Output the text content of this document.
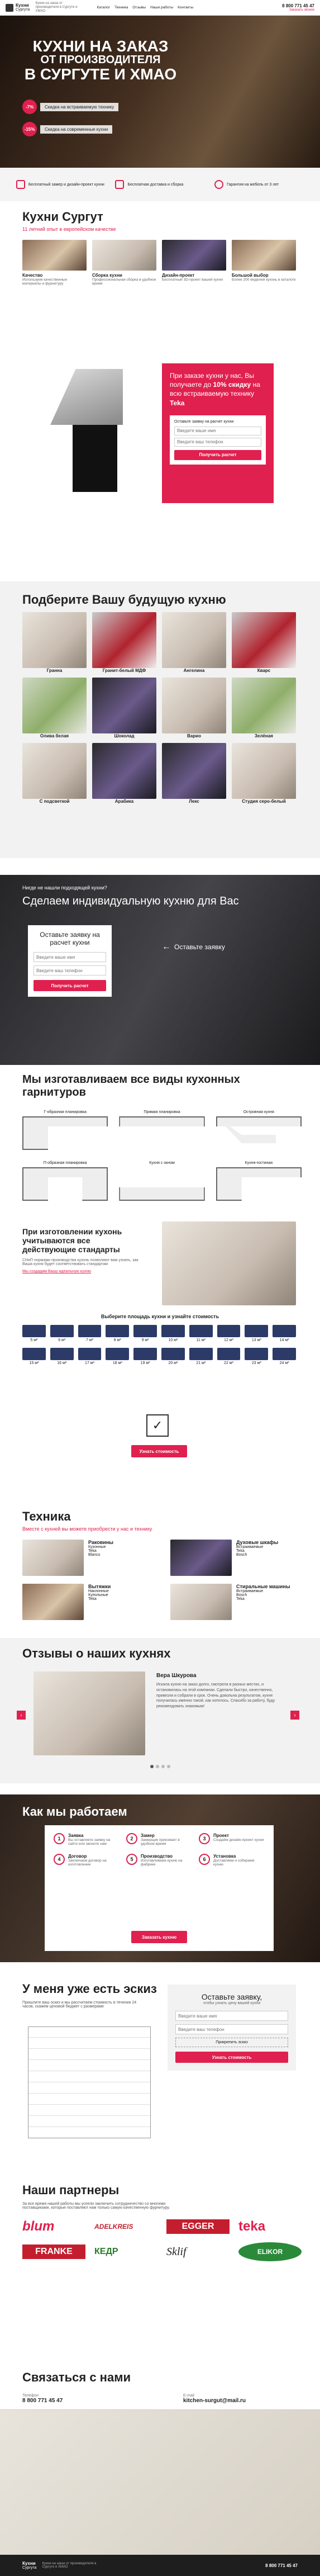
Кухни
Сургута
Кухни на заказ от производителя в Сургуте и ХМАО
Каталог Техника Отзывы Наши работы Контакты	8 800 771 45 47
Заказать звонок
КУХНИ НА ЗАКАЗ
ОТ ПРОИЗВОДИТЕЛЯ
В СУРГУТЕ И ХМАО
-7%	Скидка на встраиваемую технику
-15%	Скидка на современные кухни
Бесплатный замер и дизайн-проект кухни	Бесплатная доставка и сборка	Гарантия на мебель от 3 лет
Кухни Сургут
11 летний опыт в европейском качестве
Качество
Используем качественные материалы и фурнитуру
Сборка кухни
Профессиональная сборка в удобное время
Дизайн-проект
Бесплатный 3D-проект вашей кухни
Большой выбор
Более 200 моделей кухонь в каталоге
При заказе кухни у нас, Вы получаете до 10% скидку на всю встраиваемую технику Teka
Оставьте заявку на расчет кухни
Введите ваше имя Введите ваш телефон
Получить расчет
Подберите Вашу будущую кухню
Гранна	Гранит-белый МДФ	Ангелина	Кварс
Олива белая	Шоколад	Варио	Зелёная
С подсветкой	Арабика	Лекс	Студия серо-белый
Нигде не нашли подходящей кухни?
Сделаем индивидуальную кухню для Вас
Оставьте заявку на расчет кухни
Введите ваше имя Введите ваш телефон
Получить расчет
← Оставьте заявку
Мы изготавливаем все виды кухонных гарнитуров
Г-образная планировка	Прямая планировка	Островная кухня
П-образная планировка	Кухня с окном	Кухня-гостиная
При изготовлении кухонь учитываются все действующие стандарты
СНиП нормами производства кухонь позволяют вам узнать, как Ваша кухня будет соответствовать стандартам
Мы создадим Вашу идеальную кухню
Выберите площадь кухни и узнайте стоимость
5 м²	6 м²	7 м²	8 м²	9 м²	10 м²	11 м²	12 м²	13 м²	14 м²
15 м²	16 м²	17 м²	18 м²	19 м²	20 м²	21 м²	22 м²	23 м²	24 м²
✓
Узнать стоимость
Техника
Вместе с кухней вы можете приобрести у нас и технику
Раковины
Кухонные
Teka
Blanco
Духовые шкафы
Встраиваемые
Teka
Bosch
Вытяжки
Наклонные
Купольные
Teka
Стиральные машины
Встраиваемые
Bosch
Teka
Отзывы о наших кухнях
‹
Вера Шкурова
Искала кухню на заказ долго, смотрела в разных местах, и остановилась на этой компании. Сделали быстро, качественно, привезли и собрали в срок. Очень довольна результатом, кухня получилась именно такой, как хотелось. Спасибо за работу, буду рекомендовать знакомым!
›
Как мы работаем
1
Заявка
Вы оставляете заявку на сайте или звоните нам
2
Замер
Замерщик приезжает в удобное время
3
Проект
Создаём дизайн-проект кухни
4
Договор
Заключаем договор на изготовление
5
Производство
Изготавливаем кухню на фабрике
6
Установка
Доставляем и собираем кухню
Заказать кухню
У меня уже есть эскиз
Пришлите ваш эскиз и мы рассчитаем стоимость в течении 24 часов, скажем ценовой бюджет с размерами
Оставьте заявку,
чтобы узнать цену вашей кухни
Введите ваше имя Введите ваш телефон
Прикрепить эскиз
Узнать стоимость
Наши партнеры
За все время нашей работы мы успели заключить сотрудничество со многими поставщиками, которые поставляют нам только самую качественную фурнитуру.
blum	ADELKREIS	EGGER	teka
FRANKE	КЕДР	Sklif	ELIKOR
Связаться с нами
Телефон
8 800 771 45 47
E-mail
kitchen-surgut@mail.ru
Кухни
Сургута
Кухни на заказ от производителя в Сургуте и ХМАО	8 800 771 45 47
